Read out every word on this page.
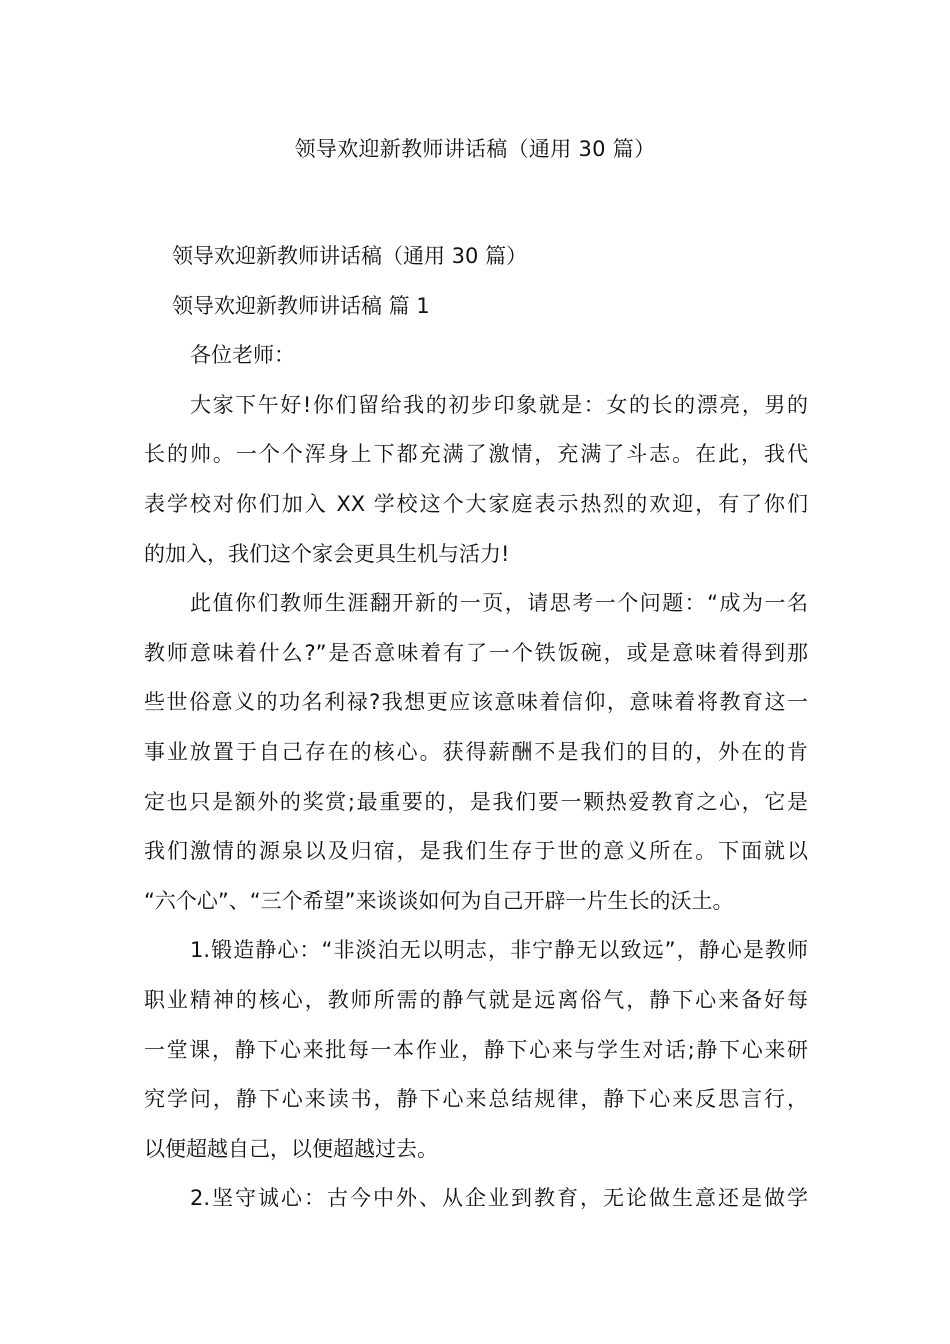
领导欢迎新教师讲话稿（通用 30 篇）

领导欢迎新教师讲话稿（通用 30 篇）

领导欢迎新教师讲话稿 篇 1

各位老师：

大家下午好!你们留给我的初步印象就是：女的长的漂亮，男的

长的帅。一个个浑身上下都充满了激情，充满了斗志。在此，我代

表学校对你们加入 XX 学校这个大家庭表示热烈的欢迎，有了你们

的加入，我们这个家会更具生机与活力!

此值你们教师生涯翻开新的一页，请思考一个问题：“成为一名

教师意味着什么?”是否意味着有了一个铁饭碗，或是意味着得到那

些世俗意义的功名利禄?我想更应该意味着信仰，意味着将教育这一

事业放置于自己存在的核心。获得薪酬不是我们的目的，外在的肯

定也只是额外的奖赏;最重要的，是我们要一颗热爱教育之心，它是

我们激情的源泉以及归宿，是我们生存于世的意义所在。下面就以

“六个心”、“三个希望”来谈谈如何为自己开辟一片生长的沃土。

1.锻造静心：“非淡泊无以明志，非宁静无以致远”，静心是教师

职业精神的核心，教师所需的静气就是远离俗气，静下心来备好每

一堂课，静下心来批每一本作业，静下心来与学生对话;静下心来研

究学问，静下心来读书，静下心来总结规律，静下心来反思言行，

以便超越自己，以便超越过去。

2.坚守诚心：古今中外、从企业到教育，无论做生意还是做学
